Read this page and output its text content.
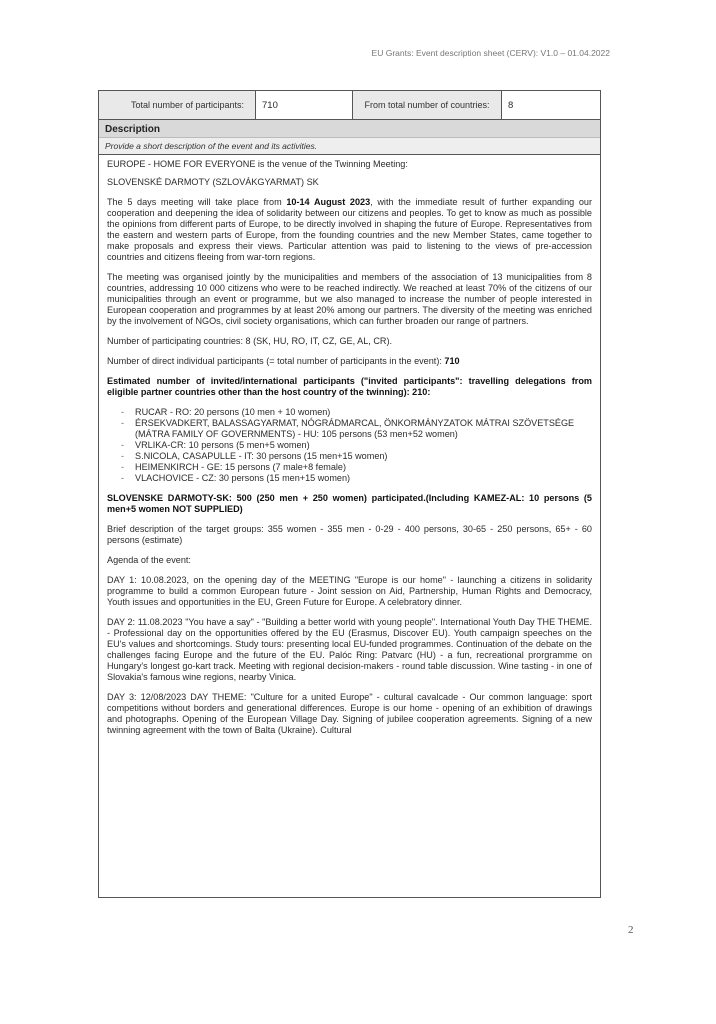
EU Grants: Event description sheet (CERV): V1.0 – 01.04.2022
Total number of participants:	710	From total number of countries:	8
Description
Provide a short description of the event and its activities.

EUROPE - HOME FOR EVERYONE is the venue of the Twinning Meeting:

SLOVENSKÉ DARMOTY (SZLOVÁKGYARMAT) SK

The 5 days meeting will take place from 10-14 August 2023, with the immediate result of further expanding our cooperation and deepening the idea of solidarity between our citizens and peoples. To get to know as much as possible the opinions from different parts of Europe, to be directly involved in shaping the future of Europe. Representatives from the eastern and western parts of Europe, from the founding countries and the new Member States, came together to make proposals and express their views. Particular attention was paid to listening to the views of pre-accession countries and citizens fleeing from war-torn regions.

The meeting was organised jointly by the municipalities and members of the association of 13 municipalities from 8 countries, addressing 10 000 citizens who were to be reached indirectly. We reached at least 70% of the citizens of our municipalities through an event or programme, but we also managed to increase the number of people interested in European cooperation and programmes by at least 20% among our partners. The diversity of the meeting was enriched by the involvement of NGOs, civil society organisations, which can further broaden our range of partners.

Number of participating countries: 8 (SK, HU, RO, IT, CZ, GE, AL, CR).

Number of direct individual participants (= total number of participants in the event): 710

Estimated number of invited/international participants ("invited participants": travelling delegations from eligible partner countries other than the host country of the twinning): 210:

- RUCAR - RO: 20 persons (10 men + 10 women)
- ÉRSEKVADKERT, BALASSAGYARMAT, NÓGRÁDMARCAL, ÖNKORMÁNYZATOK MÁTRAI SZÖVETSÉGE (MÁTRA FAMILY OF GOVERNMENTS) - HU: 105 persons (53 men+52 women)
- VRLIKA-CR: 10 persons (5 men+5 women)
- S.NICOLA, CASAPULLE - IT: 30 persons (15 men+15 women)
- HEIMENKIRCH - GE: 15 persons (7 male+8 female)
- VLACHOVICE - CZ: 30 persons (15 men+15 women)

SLOVENSKE DARMOTY-SK: 500 (250 men + 250 women) participated.(Including KAMEZ-AL: 10 persons (5 men+5 women NOT SUPPLIED)

Brief description of the target groups: 355 women - 355 men - 0-29 - 400 persons, 30-65 - 250 persons, 65+ - 60 persons (estimate)

Agenda of the event:

DAY 1: 10.08.2023, on the opening day of the MEETING "Europe is our home" - launching a citizens in solidarity programme to build a common European future - Joint session on Aid, Partnership, Human Rights and Democracy, Youth issues and opportunities in the EU, Green Future for Europe. A celebratory dinner.

DAY 2: 11.08.2023 "You have a say" - "Building a better world with young people". International Youth Day THE THEME. - Professional day on the opportunities offered by the EU (Erasmus, Discover EU). Youth campaign speeches on the EU's values and shortcomings. Study tours: presenting local EU-funded programmes. Continuation of the debate on the challenges facing Europe and the future of the EU. Palóc Ring: Patvarc (HU) - a fun, recreational prorgramme on Hungary's longest go-kart track. Meeting with regional decision-makers - round table discussion. Wine tasting - in one of Slovakia's famous wine regions, nearby Vinica.

DAY 3: 12/08/2023 DAY THEME: "Culture for a united Europe" - cultural cavalcade - Our common language: sport competitions without borders and generational differences. Europe is our home - opening of an exhibition of drawings and photographs. Opening of the European Village Day. Signing of jubilee cooperation agreements. Signing of a new twinning agreement with the town of Balta (Ukraine). Cultural

2
